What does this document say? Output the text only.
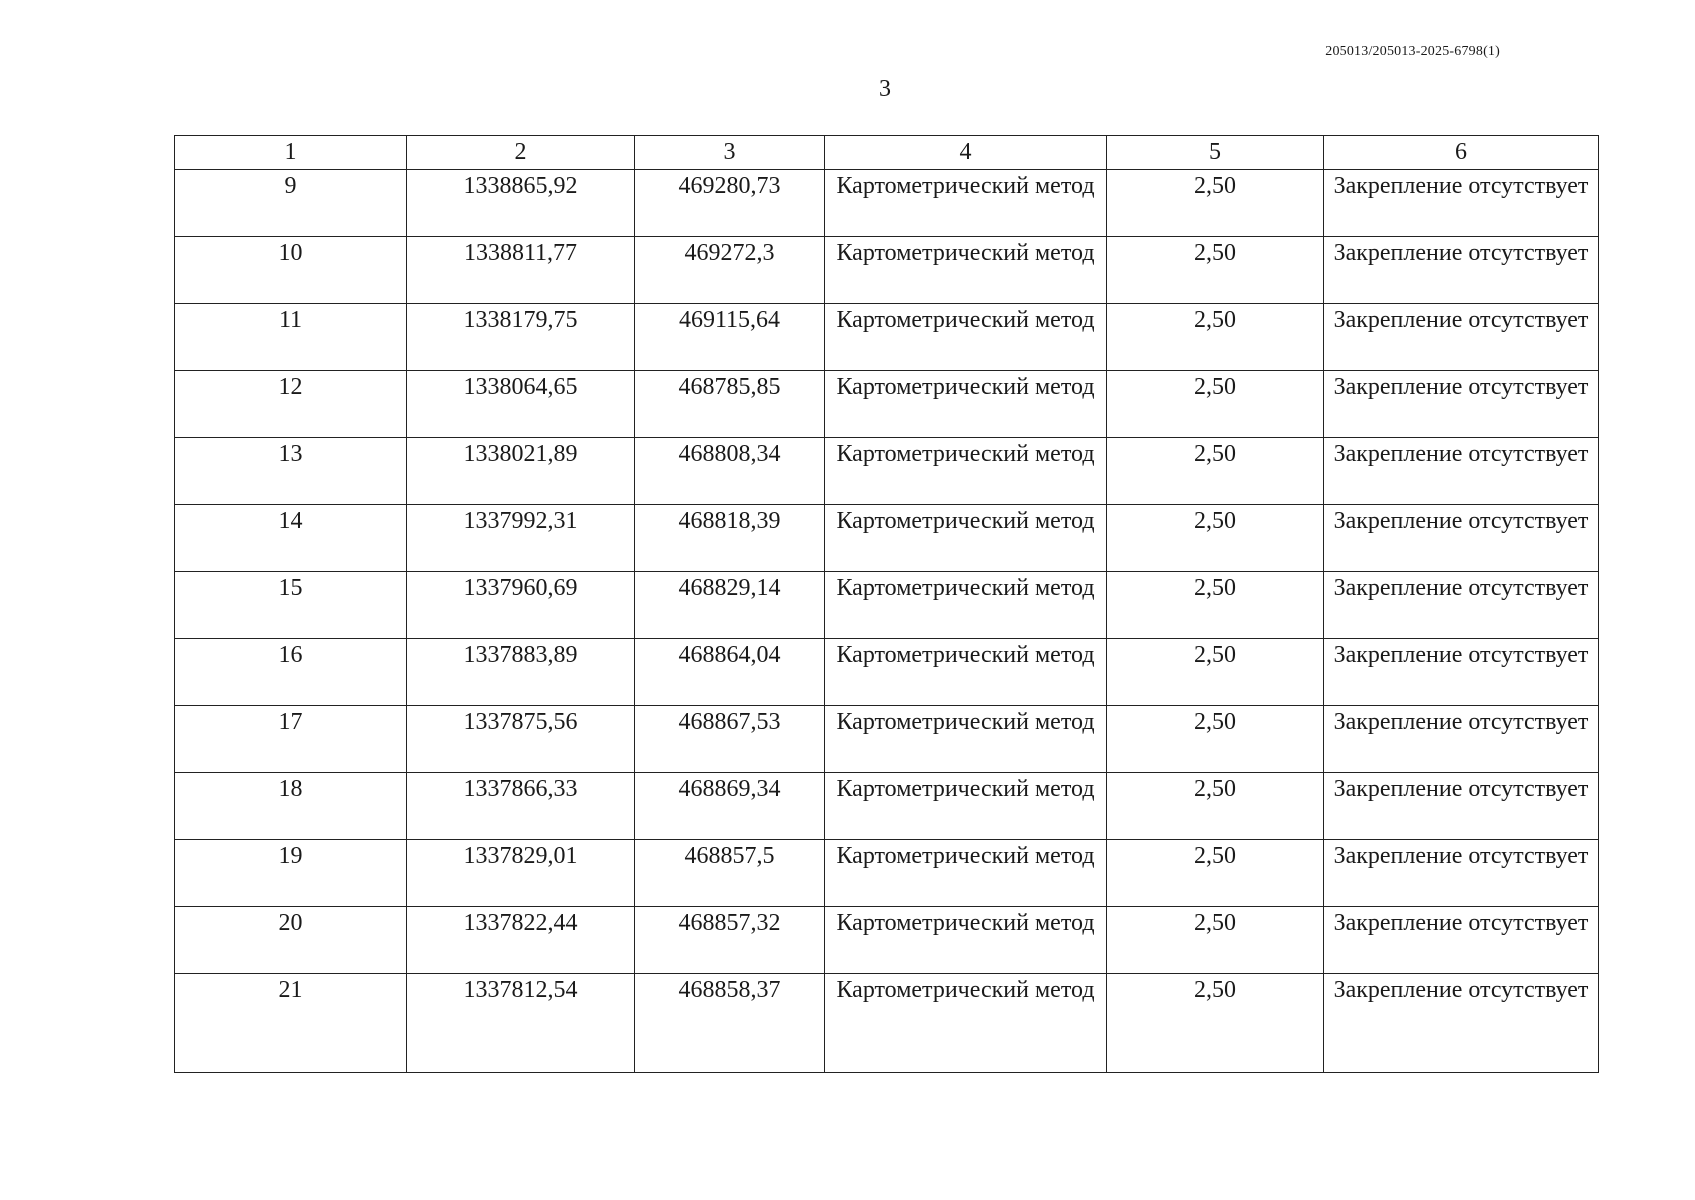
205013/205013-2025-6798(1)
3
1	2	3	4	5	6
9	1338865,92	469280,73	Картометрический метод	2,50	Закрепление отсутствует
10	1338811,77	469272,3	Картометрический метод	2,50	Закрепление отсутствует
11	1338179,75	469115,64	Картометрический метод	2,50	Закрепление отсутствует
12	1338064,65	468785,85	Картометрический метод	2,50	Закрепление отсутствует
13	1338021,89	468808,34	Картометрический метод	2,50	Закрепление отсутствует
14	1337992,31	468818,39	Картометрический метод	2,50	Закрепление отсутствует
15	1337960,69	468829,14	Картометрический метод	2,50	Закрепление отсутствует
16	1337883,89	468864,04	Картометрический метод	2,50	Закрепление отсутствует
17	1337875,56	468867,53	Картометрический метод	2,50	Закрепление отсутствует
18	1337866,33	468869,34	Картометрический метод	2,50	Закрепление отсутствует
19	1337829,01	468857,5	Картометрический метод	2,50	Закрепление отсутствует
20	1337822,44	468857,32	Картометрический метод	2,50	Закрепление отсутствует
21	1337812,54	468858,37	Картометрический метод	2,50	Закрепление отсутствует
